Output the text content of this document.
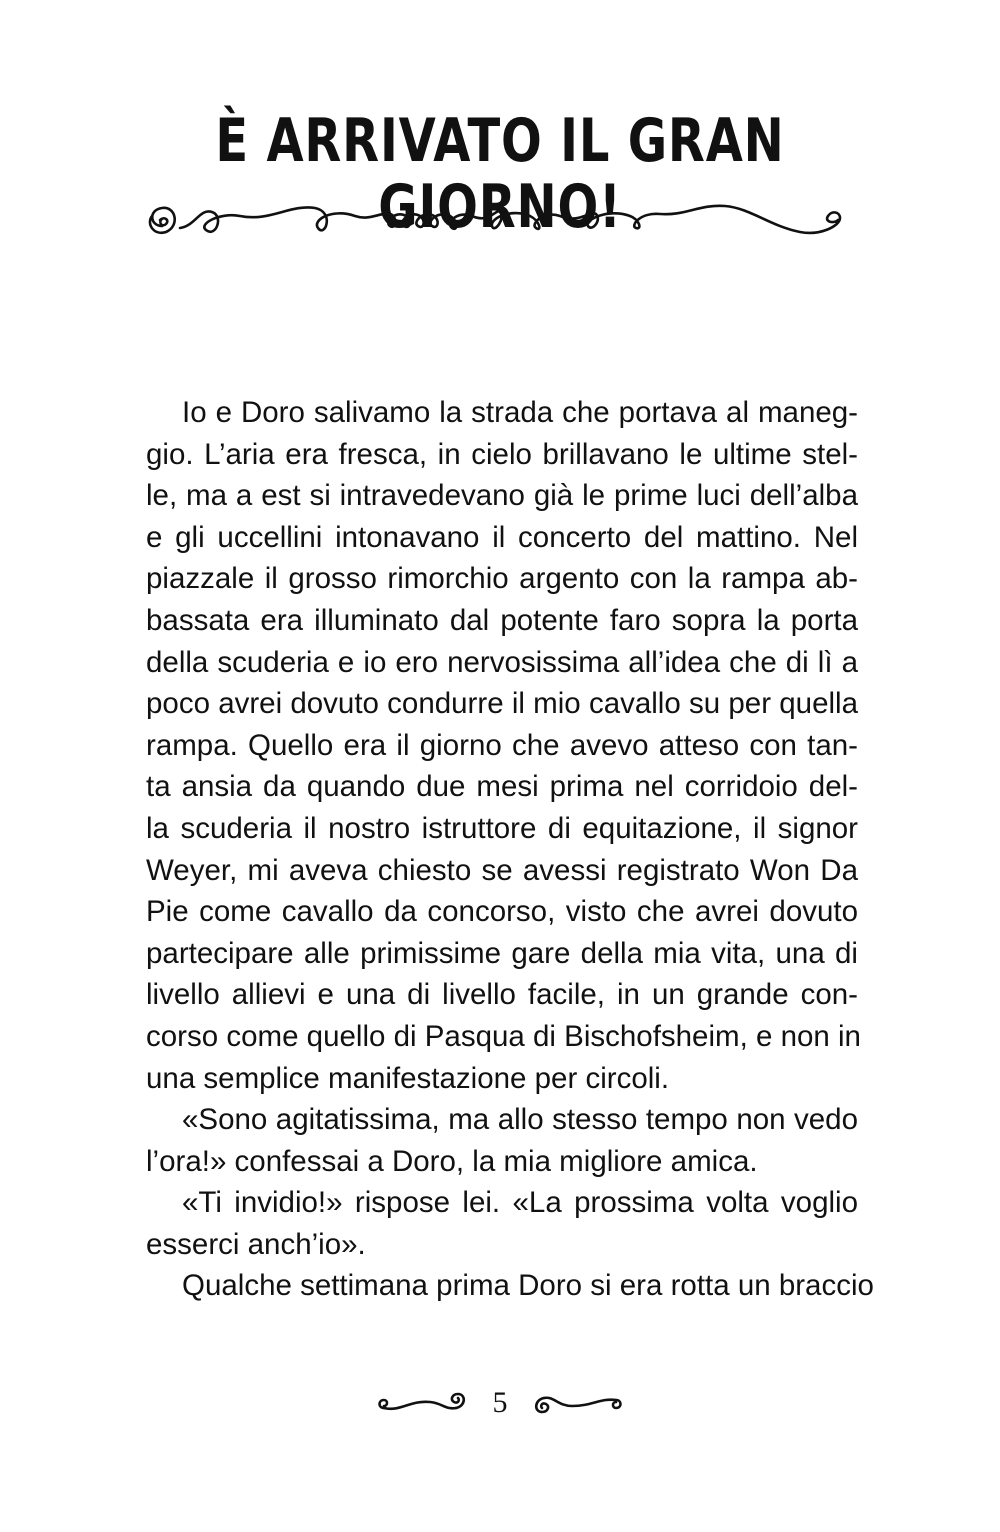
È ARRIVATO IL GRAN GIORNO!
Io e Doro salivamo la strada che portava al maneg-
gio. L’aria era fresca, in cielo brillavano le ultime stel-
le, ma a est si intravedevano già le prime luci dell’alba
e gli uccellini intonavano il concerto del mattino. Nel
piazzale il grosso rimorchio argento con la rampa ab-
bassata era illuminato dal potente faro sopra la porta
della scuderia e io ero nervosissima all’idea che di lì a
poco avrei dovuto condurre il mio cavallo su per quella
rampa. Quello era il giorno che avevo atteso con tan-
ta ansia da quando due mesi prima nel corridoio del-
la scuderia il nostro istruttore di equitazione, il signor
Weyer, mi aveva chiesto se avessi registrato Won Da
Pie come cavallo da concorso, visto che avrei dovuto
partecipare alle primissime gare della mia vita, una di
livello allievi e una di livello facile, in un grande con-
corso come quello di Pasqua di Bischofsheim, e non in
una semplice manifestazione per circoli.
«Sono agitatissima, ma allo stesso tempo non vedo
l’ora!» confessai a Doro, la mia migliore amica.
«Ti invidio!» rispose lei. «La prossima volta voglio
esserci anch’io».
Qualche settimana prima Doro si era rotta un braccio
5
